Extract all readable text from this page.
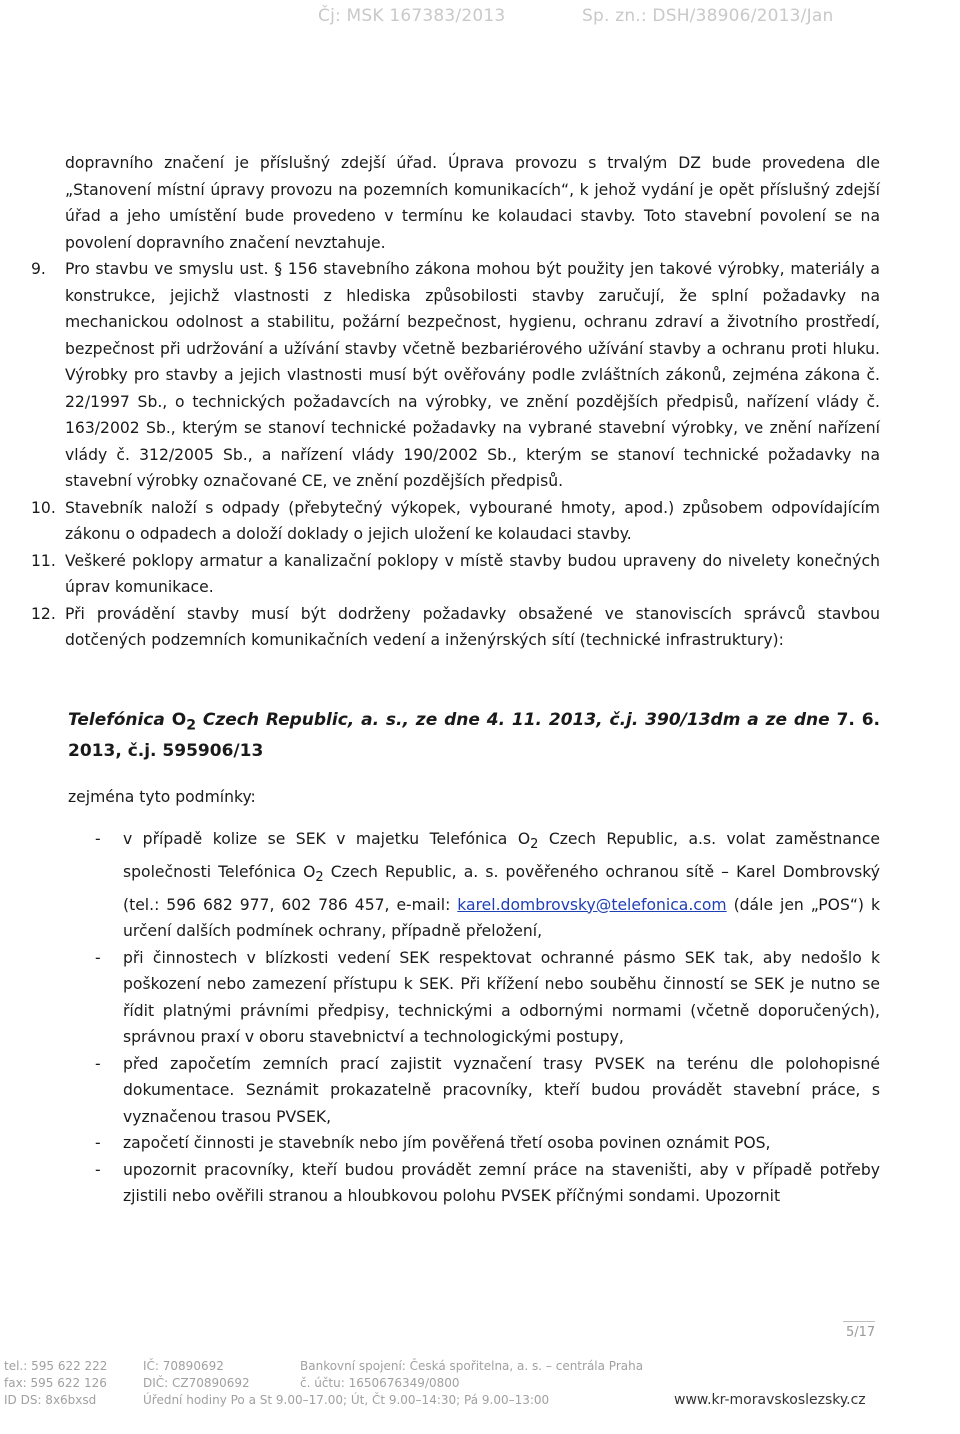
Čj: MSK 167383/2013	Sp. zn.: DSH/38906/2013/Jan

dopravního značení je příslušný zdejší úřad. Úprava provozu s trvalým DZ bude provedena dle „Stanovení místní úpravy provozu na pozemních komunikacích“, k jehož vydání je opět příslušný zdejší úřad a jeho umístění bude provedeno v termínu ke kolaudaci stavby. Toto stavební povolení se na povolení dopravního značení nevztahuje.

9. Pro stavbu ve smyslu ust. § 156 stavebního zákona mohou být použity jen takové výrobky, materiály a konstrukce, jejichž vlastnosti z hlediska způsobilosti stavby zaručují, že splní požadavky na mechanickou odolnost a stabilitu, požární bezpečnost, hygienu, ochranu zdraví a životního prostředí, bezpečnost při udržování a užívání stavby včetně bezbariérového užívání stavby a ochranu proti hluku. Výrobky pro stavby a jejich vlastnosti musí být ověřovány podle zvláštních zákonů, zejména zákona č. 22/1997 Sb., o technických požadavcích na výrobky, ve znění pozdějších předpisů, nařízení vlády č. 163/2002 Sb., kterým se stanoví technické požadavky na vybrané stavební výrobky, ve znění nařízení vlády č. 312/2005 Sb., a nařízení vlády 190/2002 Sb., kterým se stanoví technické požadavky na stavební výrobky označované CE, ve znění pozdějších předpisů.
10. Stavebník naloží s odpady (přebytečný výkopek, vybourané hmoty, apod.) způsobem odpovídajícím zákonu o odpadech a doloží doklady o jejich uložení ke kolaudaci stavby.
11. Veškeré poklopy armatur a kanalizační poklopy v místě stavby budou upraveny do nivelety konečných úprav komunikace.
12. Při provádění stavby musí být dodrženy požadavky obsažené ve stanoviscích správců stavbou dotčených podzemních komunikačních vedení a inženýrských sítí (technické infrastruktury):
Telefónica $O_2$ Czech Republic, a. s., ze dne 4. 11. 2013, č.j. 390/13dm a ze dne 7. 6. 2013, č.j. 595906/13

zejména tyto podmínky:

- v případě kolize se SEK v majetku Telefónica $O_2$ Czech Republic, a.s. volat zaměstnance společnosti Telefónica $O_2$ Czech Republic, a. s. pověřeného ochranou sítě – Karel Dombrovský (tel.: 596 682 977, 602 786 457, e-mail: karel.dombrovsky@telefonica.com (dále jen „POS“) k určení dalších podmínek ochrany, případně přeložení,
- při činnostech v blízkosti vedení SEK respektovat ochranné pásmo SEK tak, aby nedošlo k poškození nebo zamezení přístupu k SEK. Při křížení nebo souběhu činností se SEK je nutno se řídit platnými právními předpisy, technickými a odbornými normami (včetně doporučených), správnou praxí v oboru stavebnictví a technologickými postupy,
- před započetím zemních prací zajistit vyznačení trasy PVSEK na terénu dle polohopisné dokumentace. Seznámit prokazatelně pracovníky, kteří budou provádět stavební práce, s vyznačenou trasou PVSEK,
- započetí činnosti je stavebník nebo jím pověřená třetí osoba povinen oznámit POS,
- upozornit pracovníky, kteří budou provádět zemní práce na staveništi, aby v případě potřeby zjistili nebo ověřili stranou a hloubkovou polohu PVSEK příčnými sondami. Upozornit
5/17
tel.: 595 622 222
fax: 595 622 126
ID DS: 8x6bxsd
IČ: 70890692
DIČ: CZ70890692
Úřední hodiny Po a St 9.00–17.00; Út, Čt 9.00–14:30; Pá 9.00–13:00
Bankovní spojení: Česká spořitelna, a. s. – centrála Praha
č. účtu: 1650676349/0800
www.kr-moravskoslezsky.cz
